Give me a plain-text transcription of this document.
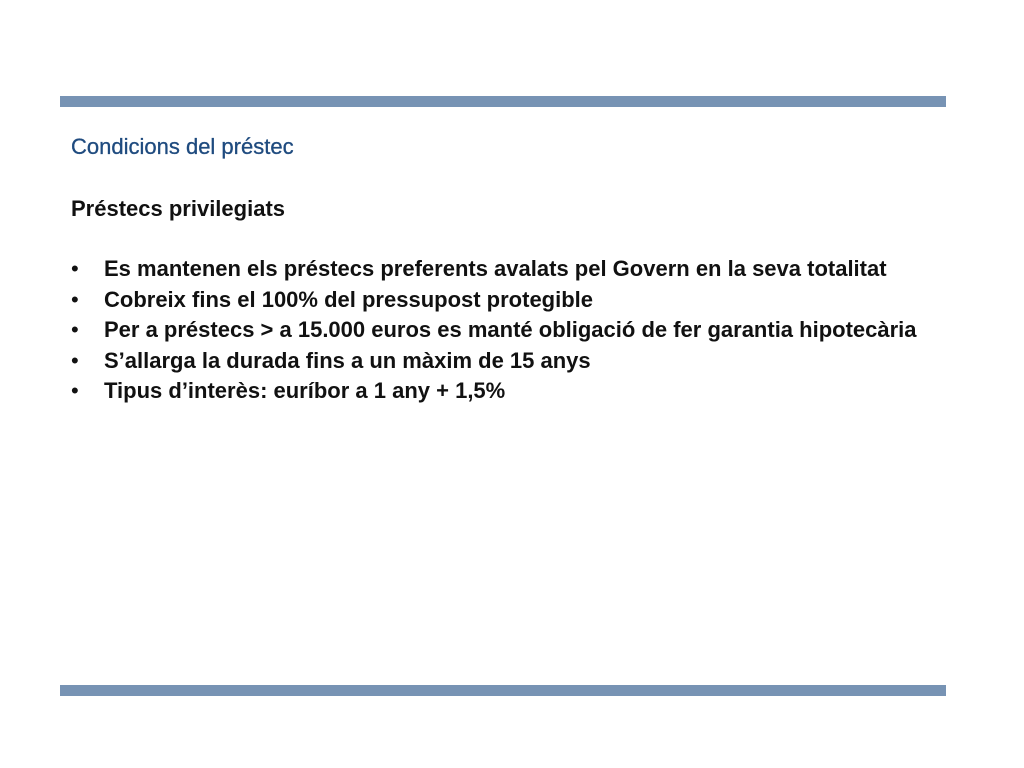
Condicions del préstec
Préstecs privilegiats
• Es mantenen els préstecs preferents avalats pel Govern en la seva totalitat
• Cobreix fins el 100% del pressupost protegible
• Per a préstecs > a 15.000 euros es manté obligació de fer garantia hipotecària
• S’allarga la durada fins a un màxim de 15 anys
• Tipus d’interès: euríbor a 1 any + 1,5%
